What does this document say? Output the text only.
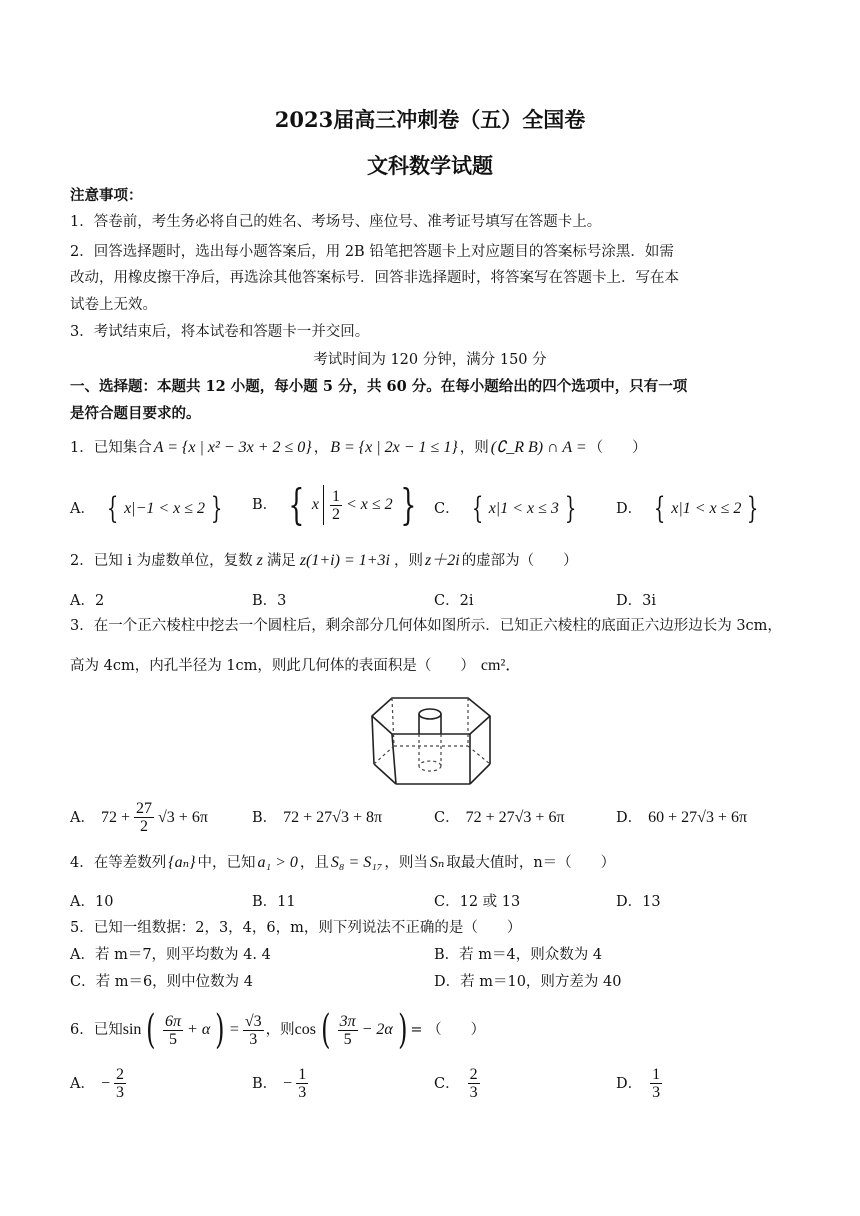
2023届高三冲刺卷（五）全国卷
文科数学试题
注意事项：
1．答卷前，考生务必将自己的姓名、考场号、座位号、准考证号填写在答题卡上。
2．回答选择题时，选出每小题答案后，用 2B 铅笔把答题卡上对应题目的答案标号涂黑．如需
改动，用橡皮擦干净后，再选涂其他答案标号．回答非选择题时，将答案写在答题卡上．写在本
试卷上无效。
3．考试结束后，将本试卷和答题卡一并交回。
考试时间为 120 分钟，满分 150 分
一、选择题：本题共 12 小题，每小题 5 分，共 60 分。在每小题给出的四个选项中，只有一项
是符合题目要求的。
1．已知集合 A = {x | x² − 3x + 2 ≤ 0} ， B = {x | 2x − 1 ≤ 1} ，则 (∁_R B) ∩ A = （　　）
A． { x|−1 < x ≤ 2 } B． { x $\frac{1}{2} < x \le 2$ } C． { x|1 < x ≤ 3 }	D． { x|1 < x ≤ 2 }
2．已知 i 为虚数单位，复数 z 满足 z(1+i) = 1+3i ，则 z＋2i 的虚部为（　　）
A．2	B．3	C．2i	D．3i
3．在一个正六棱柱中挖去一个圆柱后，剩余部分几何体如图所示．已知正六棱柱的底面正六边形边长为 3cm，
高为 4cm，内孔半径为 1cm，则此几何体的表面积是（　　） cm²．
A． $72 + \frac{27}{2} √3 + 6\pi$	B． 72 + 27√3 + 8π	C． 72 + 27√3 + 6π	D． 60 + 27√3 + 6π
4．在等差数列 {aₙ} 中，已知 a₁ > 0 ，且 S₈ = S₁₇ ，则当 Sₙ 取最大值时，n＝（　　）
A．10	B．11	C．12 或 13	D．13
5．已知一组数据：2，3，4，6，m，则下列说法不正确的是（　　）
A．若 m＝7，则平均数为 4. 4	B．若 m＝4，则众数为 4
C．若 m＝6，则中位数为 4	D．若 m＝10，则方差为 40
6．已知 sin ( $\frac{6\pi}{5} + \alpha$ ) = $\frac{√3}{3}$ ，则 cos ( $\frac{3\pi}{5} - 2\alpha$ ) = （　　）
A． − $\frac{2}{3}$	B． − $\frac{1}{3}$	C． $\frac{2}{3}$	D． $\frac{1}{3}$
